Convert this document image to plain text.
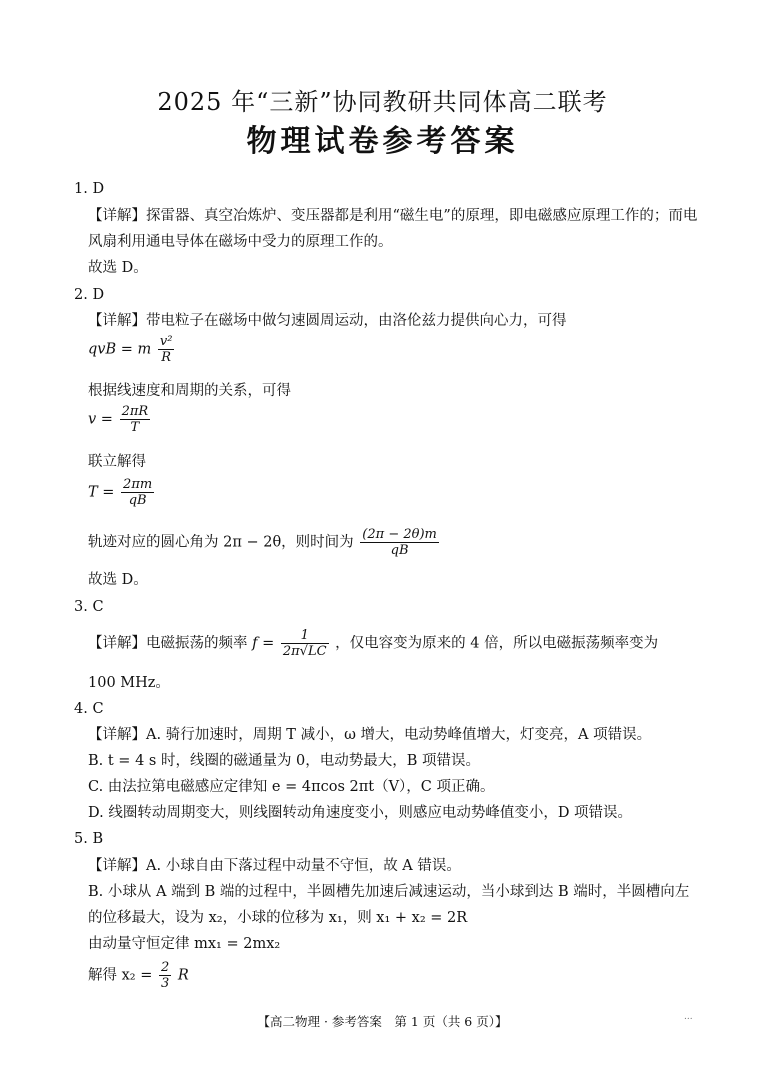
2025 年“三新”协同教研共同体高二联考
物理试卷参考答案
1. D
【详解】探雷器、真空冶炼炉、变压器都是利用“磁生电”的原理，即电磁感应原理工作的；而电
风扇利用通电导体在磁场中受力的原理工作的。
故选 D。
2. D
【详解】带电粒子在磁场中做匀速圆周运动，由洛伦兹力提供向心力，可得
qvB = m $\frac{\text{v²}}{R}$
根据线速度和周期的关系，可得
$v = \frac{2\pi R}{T}$
联立解得
$T = \frac{2\pi m}{qB}$
轨迹对应的圆心角为 2π − 2θ，则时间为 $\frac{(2\pi - 2\theta)m}{qB}$
故选 D。
3. C
【详解】电磁振荡的频率 $f = \frac{1}{2\pi√LC}$ ，仅电容变为原来的 4 倍，所以电磁振荡频率变为
100 MHz。
4. C
【详解】A. 骑行加速时，周期 T 减小，ω 增大，电动势峰值增大，灯变亮，A 项错误。
B. t = 4 s 时，线圈的磁通量为 0，电动势最大，B 项错误。
C. 由法拉第电磁感应定律知 e = 4πcos 2πt（V），C 项正确。
D. 线圈转动周期变大，则线圈转动角速度变小，则感应电动势峰值变小，D 项错误。
5. B
【详解】A. 小球自由下落过程中动量不守恒，故 A 错误。
B. 小球从 A 端到 B 端的过程中，半圆槽先加速后减速运动，当小球到达 B 端时，半圆槽向左
的位移最大，设为 x₂，小球的位移为 x₁，则 x₁ + x₂ = 2R
由动量守恒定律 mx₁ = 2mx₂
解得 $x_2 = \frac{2}{3}$ R
【高二物理 · 参考答案　第 1 页（共 6 页）】	...
